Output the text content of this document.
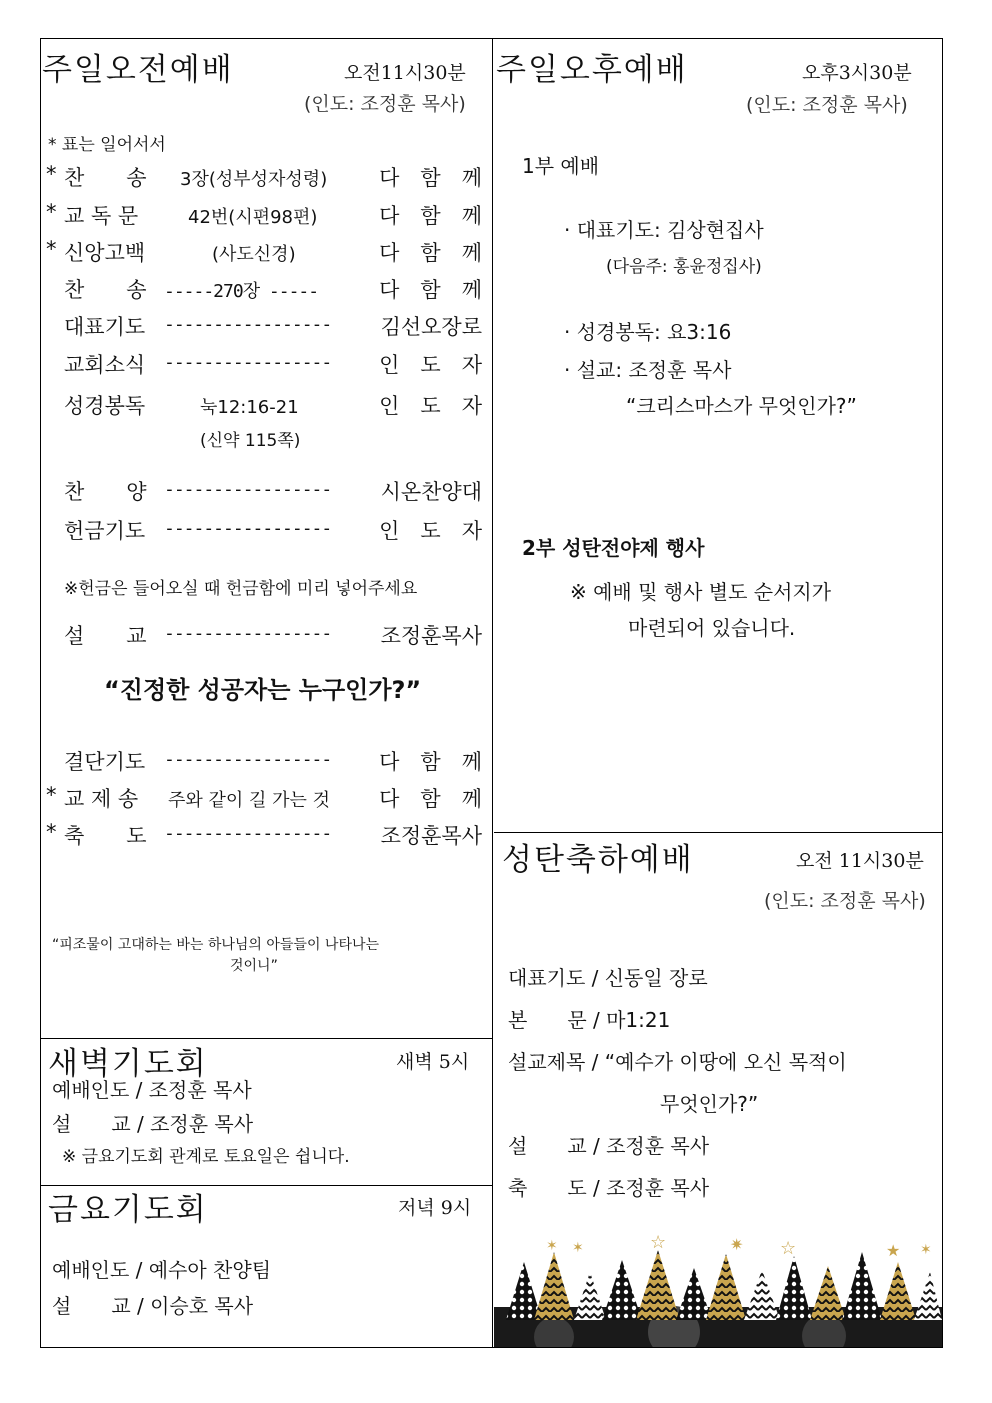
주일오전예배	오전11시30분
(인도: 조정훈 목사)
* 표는 일어서서
* 찬　　송 3장(성부성자성령) 다　함　께
* 교 독 문	42번(시편98편)	다　함　께
* 신앙고백	(사도신경)	다　함　께
찬　　송 -----270장 -----	다　함　께
대표기도 ----------------- 김선오장로
교회소식 ----------------- 인　도　자
성경봉독	눅12:16-21	인　도　자
(신약 115쪽)
찬　　양 ----------------- 시온찬양대
헌금기도 ----------------- 인　도　자
※헌금은 들어오실 때 헌금함에 미리 넣어주세요
설　　교 ----------------- 조정훈목사
“진정한 성공자는 누구인가?”
결단기도 ----------------- 다　함　께
* 교 제 송 주와 같이 길 가는 것 다　함　께
* 축　　도 ----------------- 조정훈목사
“피조물이 고대하는 바는 하나님의 아들들이 나타나는
것이니”
새벽기도회	새벽 5시
예배인도 / 조정훈 목사
설　　교 / 조정훈 목사
※ 금요기도회 관계로 토요일은 쉽니다.
금요기도회	저녁 9시
예배인도 / 예수아 찬양팀
설　　교 / 이승호 목사
주일오후예배	오후3시30분
(인도: 조정훈 목사)
1부 예배
· 대표기도: 김상현집사
(다음주: 홍윤정집사)
· 성경봉독: 요3:16
· 설교: 조정훈 목사
“크리스마스가 무엇인가?”
2부 성탄전야제 행사
※ 예배 및 행사 별도 순서지가
마련되어 있습니다.
성탄축하예배	오전 11시30분
(인도: 조정훈 목사)
대표기도 / 신동일 장로
본　　문 / 마1:21
설교제목 / “예수가 이땅에 오신 목적이
무엇인가?”
설　　교 / 조정훈 목사
축　　도 / 조정훈 목사
✶ ✶	☆	✷ ☆	★ ✶
